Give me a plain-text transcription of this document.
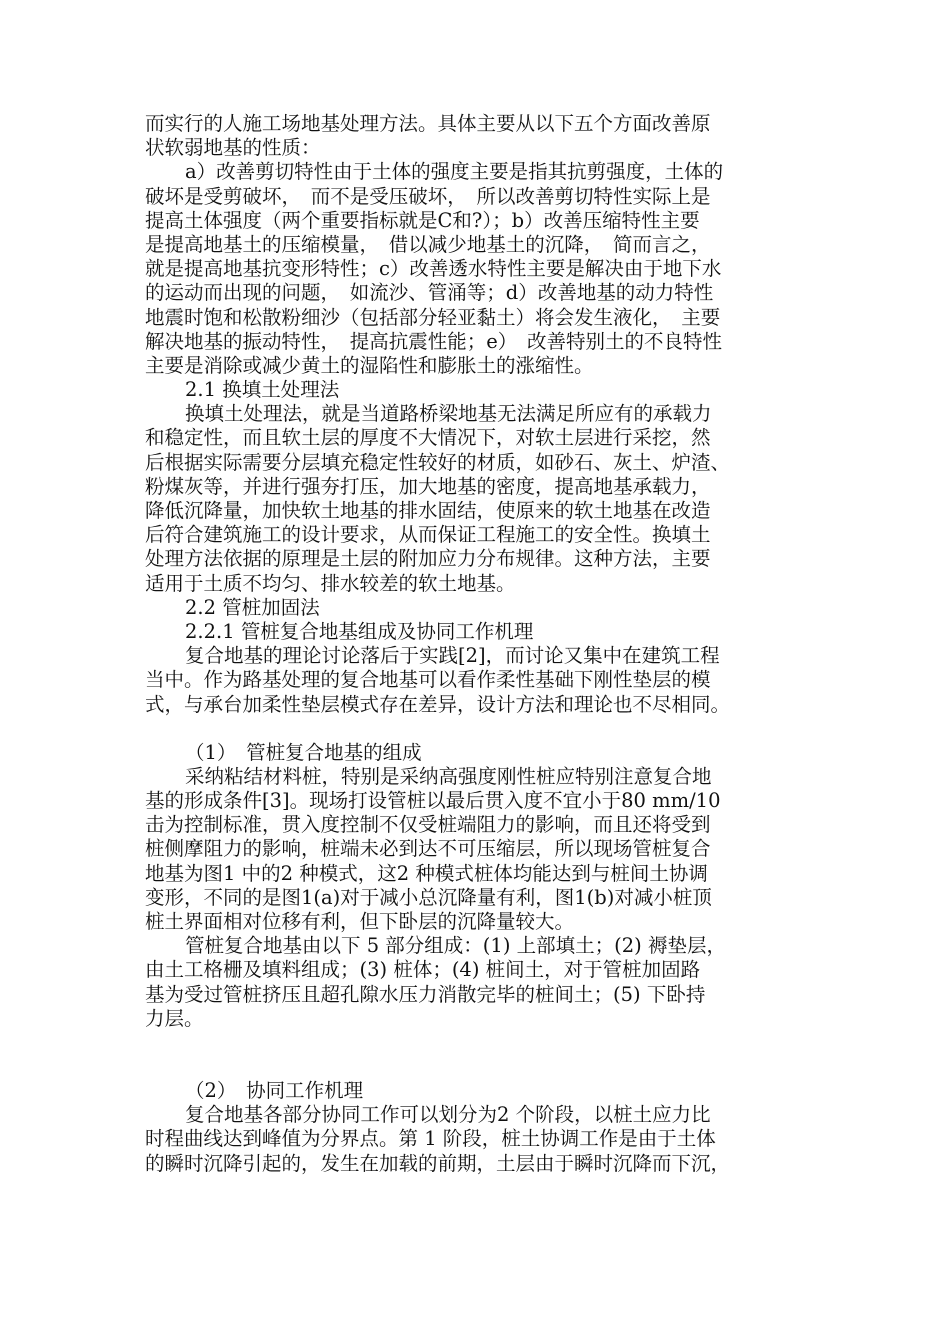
而实行的人施工场地基处理方法。具体主要从以下五个方面改善原
状软弱地基的性质：
a）改善剪切特性由于土体的强度主要是指其抗剪强度，土体的
破坏是受剪破坏，　而不是受压破坏，　所以改善剪切特性实际上是
提高土体强度（两个重要指标就是C和?）；b）改善压缩特性主要
是提高地基土的压缩模量，　借以减少地基土的沉降，　简而言之，
就是提高地基抗变形特性；c）改善透水特性主要是解决由于地下水
的运动而出现的问题，　如流沙、管涌等；d）改善地基的动力特性
地震时饱和松散粉细沙（包括部分轻亚黏土）将会发生液化，　主要
解决地基的振动特性，　提高抗震性能；e）　改善特别土的不良特性
主要是消除或减少黄土的湿陷性和膨胀土的涨缩性。
2.1 换填土处理法
换填土处理法，就是当道路桥梁地基无法满足所应有的承载力
和稳定性，而且软土层的厚度不大情况下，对软土层进行采挖，然
后根据实际需要分层填充稳定性较好的材质，如砂石、灰土、炉渣、
粉煤灰等，并进行强夯打压，加大地基的密度，提高地基承载力，
降低沉降量，加快软土地基的排水固结，使原来的软土地基在改造
后符合建筑施工的设计要求，从而保证工程施工的安全性。换填土
处理方法依据的原理是土层的附加应力分布规律。这种方法，主要
适用于土质不均匀、排水较差的软土地基。
2.2 管桩加固法
2.2.1 管桩复合地基组成及协同工作机理
复合地基的理论讨论落后于实践[2]，而讨论又集中在建筑工程
当中。作为路基处理的复合地基可以看作柔性基础下刚性垫层的模
式，与承台加柔性垫层模式存在差异，设计方法和理论也不尽相同。
（1）　管桩复合地基的组成
采纳粘结材料桩，特别是采纳高强度刚性桩应特别注意复合地
基的形成条件[3]。现场打设管桩以最后贯入度不宜小于80 mm/10
击为控制标准，贯入度控制不仅受桩端阻力的影响，而且还将受到
桩侧摩阻力的影响，桩端未必到达不可压缩层，所以现场管桩复合
地基为图1 中的2 种模式，这2 种模式桩体均能达到与桩间土协调
变形，不同的是图1(a)对于减小总沉降量有利，图1(b)对减小桩顶
桩土界面相对位移有利，但下卧层的沉降量较大。
管桩复合地基由以下 5 部分组成：(1) 上部填土；(2) 褥垫层，
由土工格栅及填料组成；(3) 桩体；(4) 桩间土，对于管桩加固路
基为受过管桩挤压且超孔隙水压力消散完毕的桩间土；(5) 下卧持
力层。
（2）　协同工作机理
复合地基各部分协同工作可以划分为2 个阶段，以桩土应力比
时程曲线达到峰值为分界点。第 1 阶段，桩土协调工作是由于土体
的瞬时沉降引起的，发生在加载的前期，土层由于瞬时沉降而下沉，
